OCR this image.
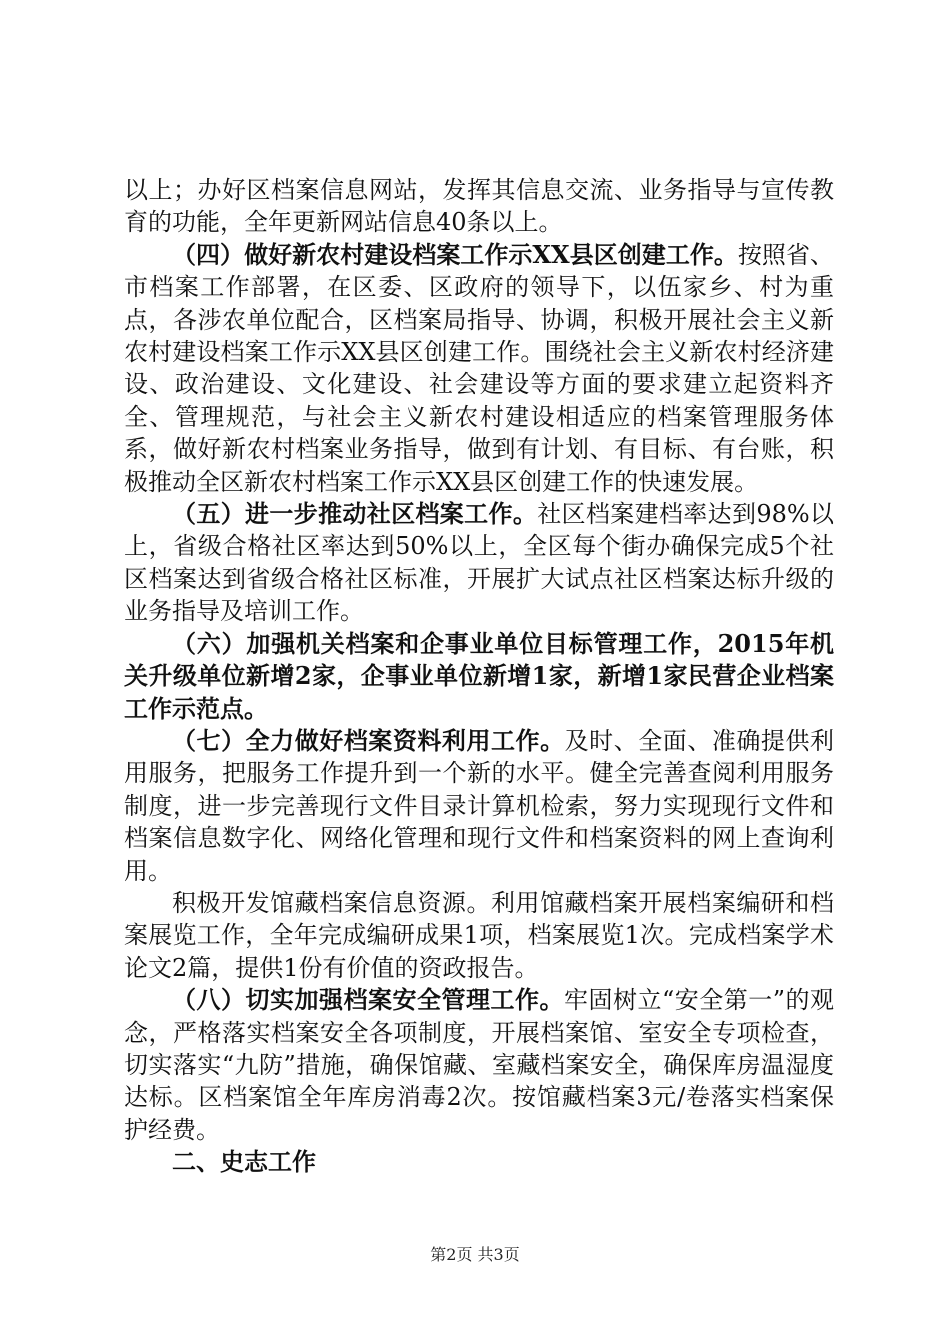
以上；办好区档案信息网站，发挥其信息交流、业务指导与宣传教育的功能，全年更新网站信息40条以上。

（四）做好新农村建设档案工作示XX县区创建工作。按照省、市档案工作部署，在区委、区政府的领导下，以伍家乡、村为重点，各涉农单位配合，区档案局指导、协调，积极开展社会主义新农村建设档案工作示XX县区创建工作。围绕社会主义新农村经济建设、政治建设、文化建设、社会建设等方面的要求建立起资料齐全、管理规范，与社会主义新农村建设相适应的档案管理服务体系，做好新农村档案业务指导，做到有计划、有目标、有台账，积极推动全区新农村档案工作示XX县区创建工作的快速发展。

（五）进一步推动社区档案工作。社区档案建档率达到98%以上，省级合格社区率达到50%以上，全区每个街办确保完成5个社区档案达到省级合格社区标准，开展扩大试点社区档案达标升级的业务指导及培训工作。

（六）加强机关档案和企事业单位目标管理工作，2015年机关升级单位新增2家，企事业单位新增1家，新增1家民营企业档案工作示范点。

（七）全力做好档案资料利用工作。及时、全面、准确提供利用服务，把服务工作提升到一个新的水平。健全完善查阅利用服务制度，进一步完善现行文件目录计算机检索，努力实现现行文件和档案信息数字化、网络化管理和现行文件和档案资料的网上查询利用。

积极开发馆藏档案信息资源。利用馆藏档案开展档案编研和档案展览工作，全年完成编研成果1项，档案展览1次。完成档案学术论文2篇，提供1份有价值的资政报告。

（八）切实加强档案安全管理工作。牢固树立“安全第一”的观念，严格落实档案安全各项制度，开展档案馆、室安全专项检查，切实落实“九防”措施，确保馆藏、室藏档案安全，确保库房温湿度达标。区档案馆全年库房消毒2次。按馆藏档案3元/卷落实档案保护经费。

二、史志工作

第2页 共3页
